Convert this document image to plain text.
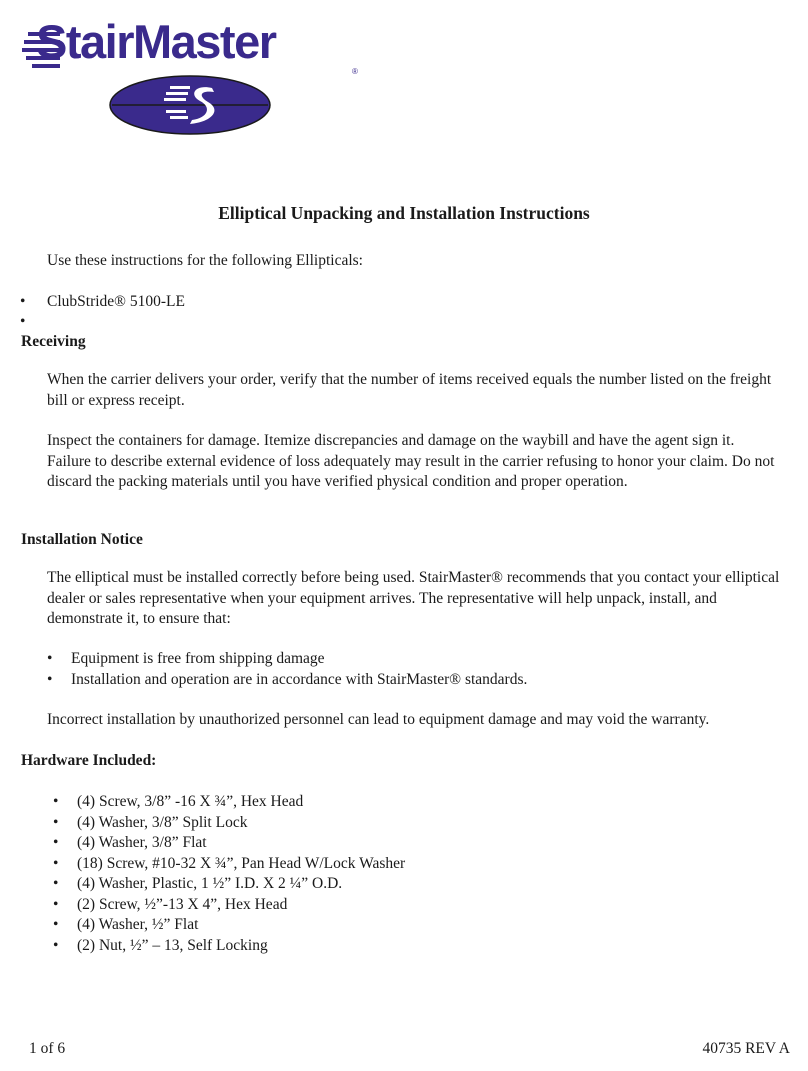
StairMaster
®
Elliptical Unpacking and Installation Instructions

Use these instructions for the following Ellipticals:

• ClubStride® 5100-LE
•
Receiving

When the carrier delivers your order, verify that the number of items received equals the number listed on the freight bill or express receipt.

Inspect the containers for damage. Itemize discrepancies and damage on the waybill and have the agent sign it. Failure to describe external evidence of loss adequately may result in the carrier refusing to honor your claim. Do not discard the packing materials until you have verified physical condition and proper operation.

Installation Notice

The elliptical must be installed correctly before being used. StairMaster® recommends that you contact your elliptical dealer or sales representative when your equipment arrives. The representative will help unpack, install, and demonstrate it, to ensure that:

• Equipment is free from shipping damage
• Installation and operation are in accordance with StairMaster® standards.

Incorrect installation by unauthorized personnel can lead to equipment damage and may void the warranty.

Hardware Included:
• (4) Screw, 3/8” -16 X ¾”, Hex Head
• (4) Washer, 3/8” Split Lock
• (4) Washer, 3/8” Flat
• (18) Screw, #10-32 X ¾”, Pan Head W/Lock Washer
• (4) Washer, Plastic, 1 ½” I.D. X 2 ¼” O.D.
• (2) Screw, ½”-13 X 4”, Hex Head
• (4) Washer, ½” Flat
• (2) Nut, ½” – 13, Self Locking
1 of 6	40735 REV A
